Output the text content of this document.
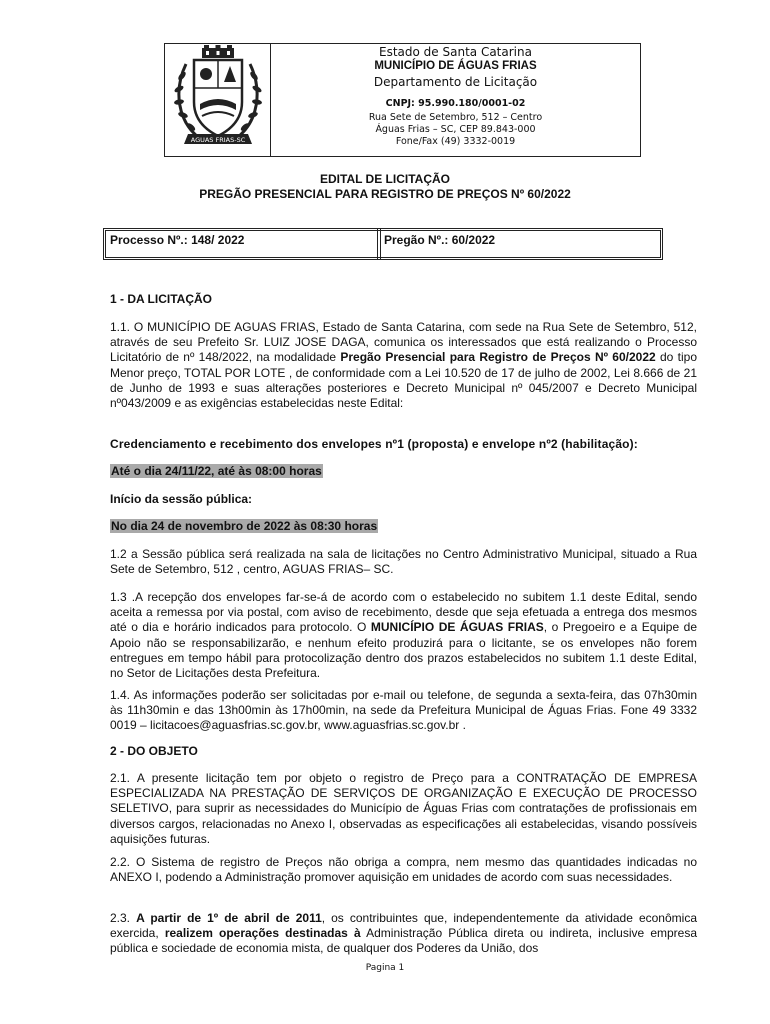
AGUAS FRIAS-SC
Estado de Santa Catarina
MUNICÍPIO DE ÁGUAS FRIAS
Departamento de Licitação
CNPJ: 95.990.180/0001-02
Rua Sete de Setembro, 512 – Centro
Águas Frias – SC, CEP 89.843-000
Fone/Fax (49) 3332-0019
EDITAL DE LICITAÇÃO
PREGÃO PRESENCIAL PARA REGISTRO DE PREÇOS Nº 60/2022
Processo Nº.: 148/ 2022	Pregão Nº.: 60/2022
1 - DA LICITAÇÃO

1.1. O MUNICÍPIO DE AGUAS FRIAS, Estado de Santa Catarina, com sede na Rua Sete de Setembro, 512, através de seu Prefeito Sr. LUIZ JOSE DAGA, comunica os interessados que está realizando o Processo Licitatório de nº 148/2022, na modalidade Pregão Presencial para Registro de Preços Nº 60/2022 do tipo Menor preço, TOTAL POR LOTE , de conformidade com a Lei 10.520 de 17 de julho de 2002, Lei 8.666 de 21 de Junho de 1993 e suas alterações posteriores e Decreto Municipal nº 045/2007 e Decreto Municipal nº043/2009 e as exigências estabelecidas neste Edital:

Credenciamento e recebimento dos envelopes nº1 (proposta) e envelope nº2 (habilitação):
Até o dia 24/11/22, até às 08:00 horas
Início da sessão pública:
No dia 24 de novembro de 2022 às 08:30 horas

1.2 a Sessão pública será realizada na sala de licitações no Centro Administrativo Municipal, situado a Rua Sete de Setembro, 512 , centro, AGUAS FRIAS– SC.

1.3 .A recepção dos envelopes far-se-á de acordo com o estabelecido no subitem 1.1 deste Edital, sendo aceita a remessa por via postal, com aviso de recebimento, desde que seja efetuada a entrega dos mesmos até o dia e horário indicados para protocolo. O MUNICÍPIO DE ÁGUAS FRIAS, o Pregoeiro e a Equipe de Apoio não se responsabilizarão, e nenhum efeito produzirá para o licitante, se os envelopes não forem entregues em tempo hábil para protocolização dentro dos prazos estabelecidos no subitem 1.1 deste Edital, no Setor de Licitações desta Prefeitura.

1.4. As informações poderão ser solicitadas por e-mail ou telefone, de segunda a sexta-feira, das 07h30min às 11h30min e das 13h00min às 17h00min, na sede da Prefeitura Municipal de Águas Frias. Fone 49 3332 0019 – licitacoes@aguasfrias.sc.gov.br, www.aguasfrias.sc.gov.br .

2 - DO OBJETO

2.1. A presente licitação tem por objeto o registro de Preço para a CONTRATAÇÃO DE EMPRESA ESPECIALIZADA NA PRESTAÇÃO DE SERVIÇOS DE ORGANIZAÇÃO E EXECUÇÃO DE PROCESSO SELETIVO, para suprir as necessidades do Município de Águas Frias com contratações de profissionais em diversos cargos, relacionadas no Anexo I, observadas as especificações ali estabelecidas, visando possíveis aquisições futuras.

2.2. O Sistema de registro de Preços não obriga a compra, nem mesmo das quantidades indicadas no ANEXO I, podendo a Administração promover aquisição em unidades de acordo com suas necessidades.

2.3. A partir de 1º de abril de 2011, os contribuintes que, independentemente da atividade econômica exercida, realizem operações destinadas à Administração Pública direta ou indireta, inclusive empresa pública e sociedade de economia mista, de qualquer dos Poderes da União, dos

Pagina 1
